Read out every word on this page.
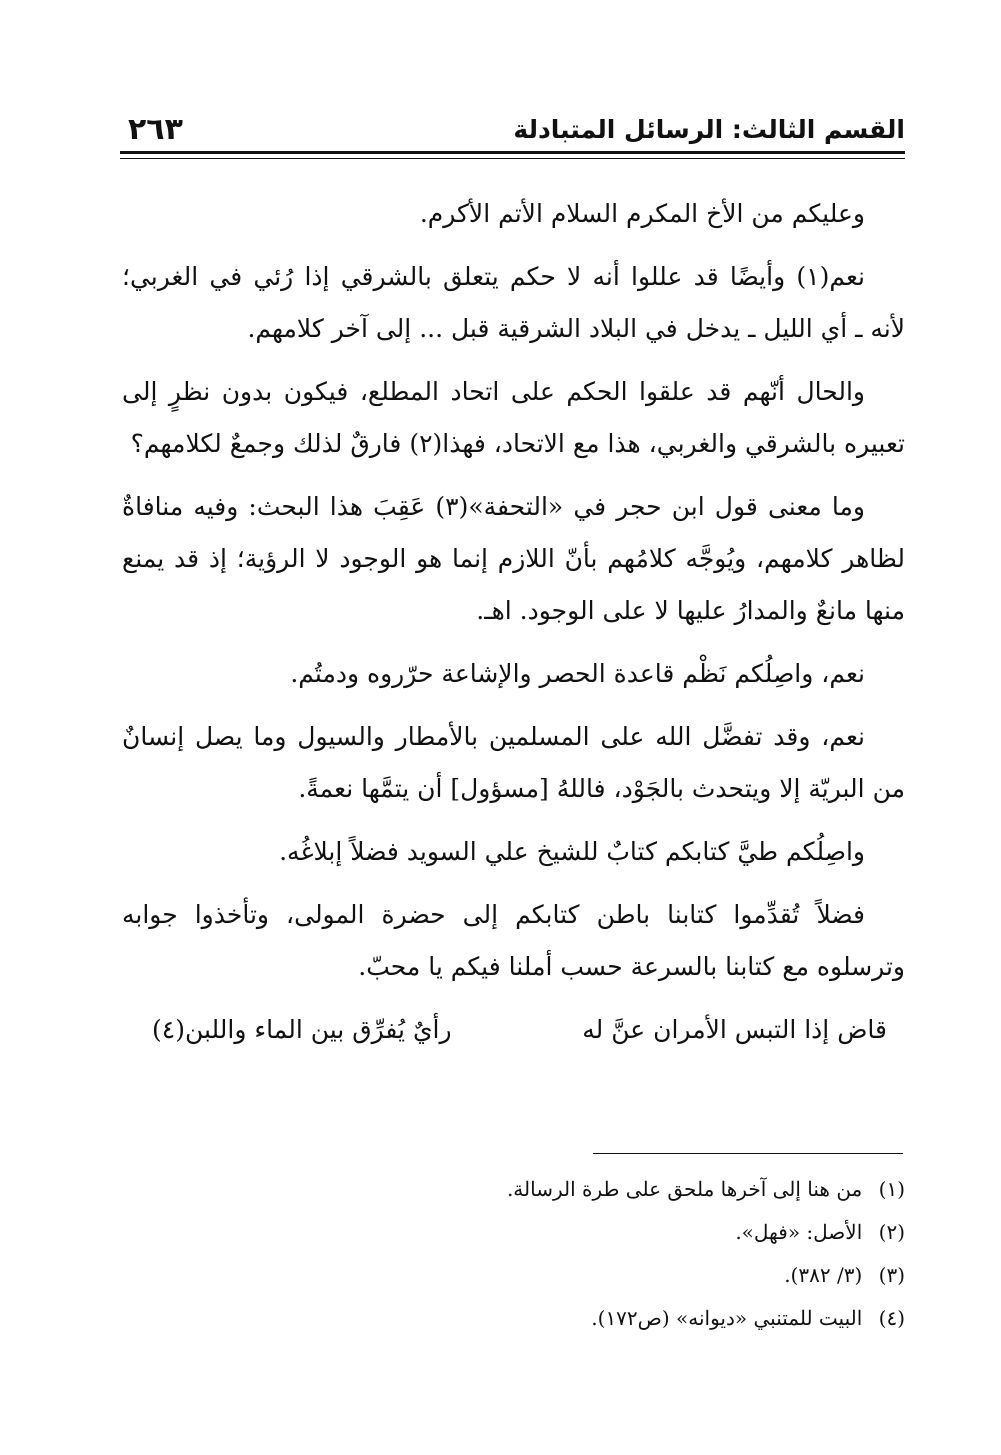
القسم الثالث: الرسائل المتبادلة
٢٦٣

وعليكم من الأخ المكرم السلام الأتم الأكرم.

نعم(١) وأيضًا قد عللوا أنه لا حكم يتعلق بالشرقي إذا رُئي في الغربي؛ لأنه ـ أي الليل ـ يدخل في البلاد الشرقية قبل ... إلى آخر كلامهم.

والحال أنّهم قد علقوا الحكم على اتحاد المطلع، فيكون بدون نظرٍ إلى تعبيره بالشرقي والغربي، هذا مع الاتحاد، فهذا(٢) فارقٌ لذلك وجمعٌ لكلامهم؟

وما معنى قول ابن حجر في «التحفة»(٣) عَقِبَ هذا البحث: وفيه منافاةٌ لظاهر كلامهم، ويُوجَّه كلامُهم بأنّ اللازم إنما هو الوجود لا الرؤية؛ إذ قد يمنع منها مانعٌ والمدارُ عليها لا على الوجود. اهـ.

نعم، واصِلُكم نَظْم قاعدة الحصر والإشاعة حرّروه ودمتُم.

نعم، وقد تفضَّل الله على المسلمين بالأمطار والسيول وما يصل إنسانٌ من البريّة إلا ويتحدث بالجَوْد، فاللهُ [مسؤول] أن يتمَّها نعمةً.

واصِلُكم طيَّ كتابكم كتابٌ للشيخ علي السويد فضلاً إبلاغُه.

فضلاً تُقدِّموا كتابنا باطن كتابكم إلى حضرة المولى، وتأخذوا جوابه وترسلوه مع كتابنا بالسرعة حسب أملنا فيكم يا محبّ.

قاض إذا التبس الأمران عنَّ له
رأيٌ يُفرِّق بين الماء واللبن(٤)

(١) من هنا إلى آخرها ملحق على طرة الرسالة.

(٢) الأصل: «فهل».

(٣) (٣/ ٣٨٢).

(٤) البيت للمتنبي «ديوانه» (ص١٧٢).
